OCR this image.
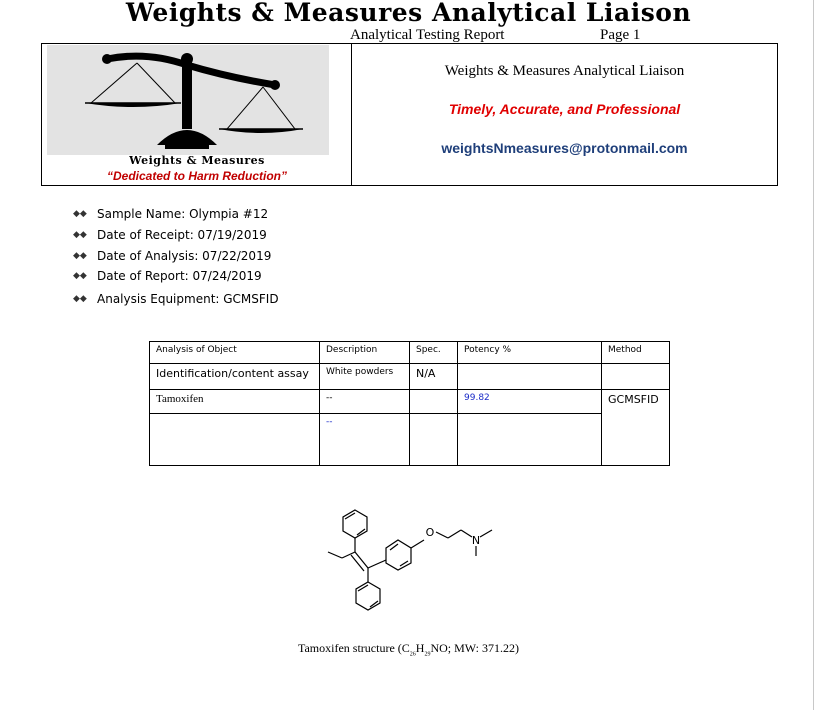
Weights & Measures Analytical Liaison
Analytical Testing Report	Page 1
Weights & Measures
“Dedicated to Harm Reduction”
Weights & Measures Analytical Liaison
Timely, Accurate, and Professional
weightsNmeasures@protonmail.com
◆◆ Sample Name: Olympia #12
◆◆ Date of Receipt: 07/19/2019
◆◆ Date of Analysis: 07/22/2019
◆◆ Date of Report: 07/24/2019
◆◆ Analysis Equipment: GCMSFID
Analysis of Object	Description	Spec.	Potency %	Method
Identification/content assay	White powders	N/A		
Tamoxifen	--		99.82	GCMSFID
	--			
O
N
Tamoxifen structure ($C_{26}H_{29}NO$; MW: 371.22)
